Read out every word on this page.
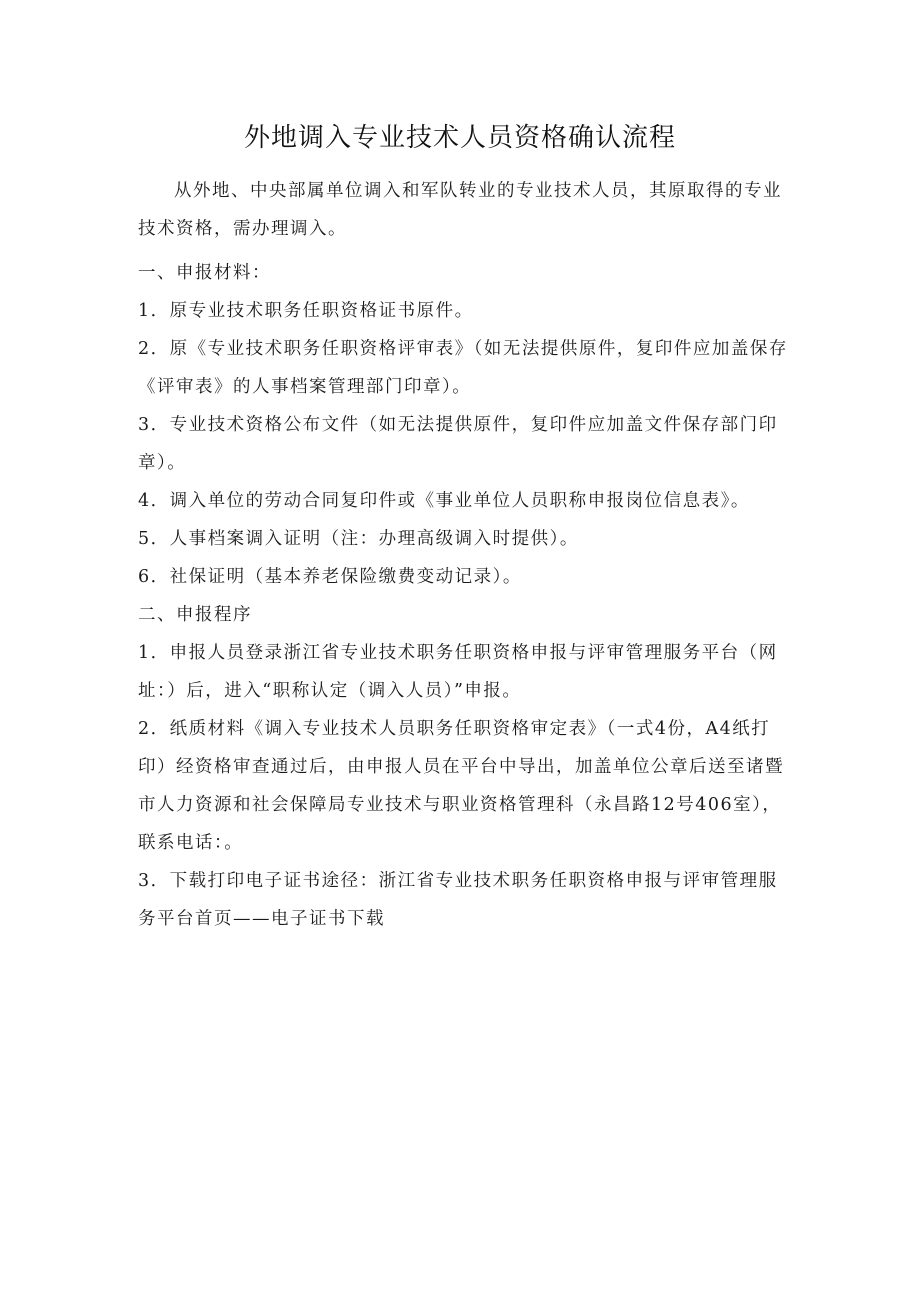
外地调入专业技术人员资格确认流程

从外地、中央部属单位调入和军队转业的专业技术人员，其原取得的专业技术资格，需办理调入。

一、申报材料：

1．原专业技术职务任职资格证书原件。

2．原《专业技术职务任职资格评审表》（如无法提供原件，复印件应加盖保存《评审表》的人事档案管理部门印章）。

3．专业技术资格公布文件（如无法提供原件，复印件应加盖文件保存部门印章）。

4．调入单位的劳动合同复印件或《事业单位人员职称申报岗位信息表》。

5．人事档案调入证明（注：办理高级调入时提供）。

6．社保证明（基本养老保险缴费变动记录）。

二、申报程序

1．申报人员登录浙江省专业技术职务任职资格申报与评审管理服务平台（网址：）后，进入“职称认定（调入人员）”申报。

2．纸质材料《调入专业技术人员职务任职资格审定表》（一式4份，A4纸打印）经资格审查通过后，由申报人员在平台中导出，加盖单位公章后送至诸暨市人力资源和社会保障局专业技术与职业资格管理科（永昌路12号406室），联系电话：。

3．下载打印电子证书途径：浙江省专业技术职务任职资格申报与评审管理服务平台首页——电子证书下载
